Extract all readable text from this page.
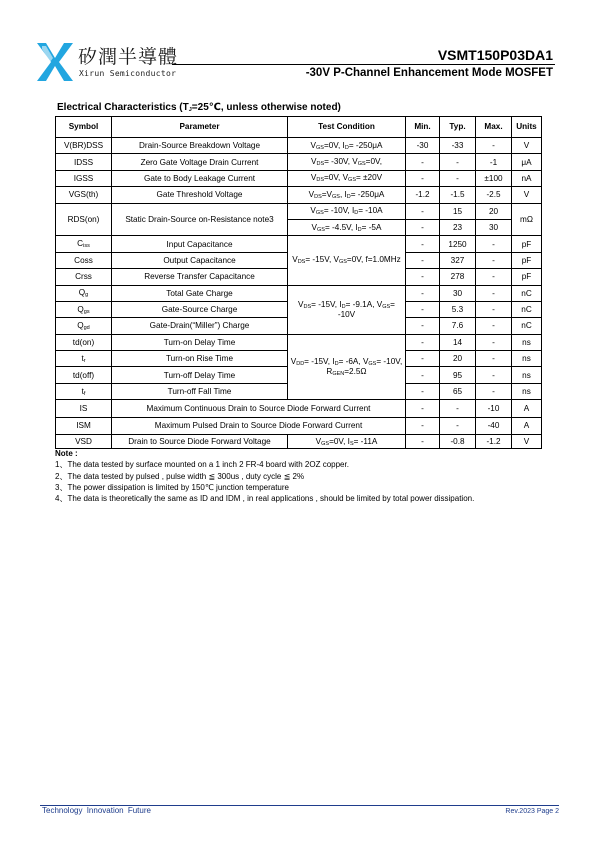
矽潤半導體
Xirun Semiconductor
VSMT150P03DA1
-30V P-Channel Enhancement Mode MOSFET
Electrical Characteristics (TJ=25℃, unless otherwise noted)
Symbol	Parameter	Test Condition	Min.	Typ.	Max.	Units
V(BR)DSS	Drain-Source Breakdown Voltage	VGS=0V, ID= -250μA	-30	-33	-	V
IDSS	Zero Gate Voltage Drain Current	VDS= -30V, VGS=0V,	-	-	-1	μA
IGSS	Gate to Body Leakage Current	VDS=0V, VGS= ±20V	-	-	±100	nA
VGS(th)	Gate Threshold Voltage	VDS=VGS, ID= -250μA	-1.2	-1.5	-2.5	V
RDS(on)	Static Drain-Source on-Resistance note3	VGS= -10V, ID= -10A	-	15	20	mΩ
		VGS= -4.5V, ID= -5A	-	23	30	
Ciss	Input Capacitance	VDS= -15V, VGS=0V, f=1.0MHz	-	1250	-	pF
Coss	Output Capacitance		-	327	-	pF
Crss	Reverse Transfer Capacitance		-	278	-	pF
Qg	Total Gate Charge	VDS= -15V, ID= -9.1A, VGS= -10V	-	30	-	nC
Qgs	Gate-Source Charge		-	5.3	-	nC
Qgd	Gate-Drain(“Miller”) Charge		-	7.6	-	nC
td(on)	Turn-on Delay Time	VDD= -15V, ID= -6A, VGS= -10V, RGEN=2.5Ω	-	14	-	ns
tr	Turn-on Rise Time		-	20	-	ns
td(off)	Turn-off Delay Time		-	95	-	ns
tf	Turn-off Fall Time		-	65	-	ns
IS	Maximum Continuous Drain to Source Diode Forward Current		-	-	-10	A
ISM	Maximum Pulsed Drain to Source Diode Forward Current		-	-	-40	A
VSD	Drain to Source Diode Forward Voltage	VGS=0V, IS= -11A	-	-0.8	-1.2	V
Note :
1、The data tested by surface mounted on a 1 inch 2 FR-4 board with 2OZ copper.
2、The data tested by pulsed , pulse width ≦ 300us , duty cycle ≦ 2%
3、The power dissipation is limited by 150℃ junction temperature
4、The data is theoretically the same as ID and IDM , in real applications , should be limited by total power dissipation.
Technology Innovation Future	Rev.2023 Page 2
